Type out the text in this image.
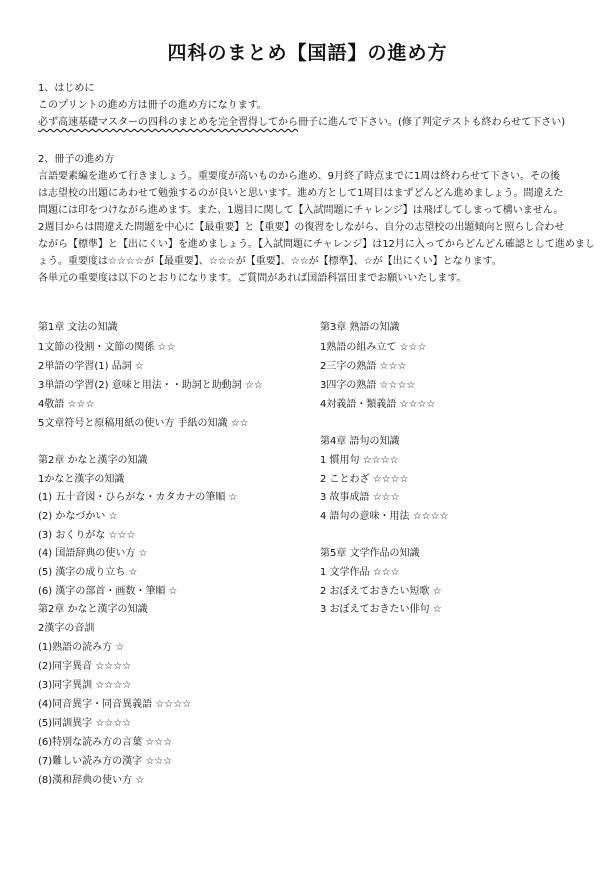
四科のまとめ【国語】の進め方
1、はじめに
このプリントの進め方は冊子の進め方になります。
必ず高速基礎マスターの四科のまとめを完全習得してから冊子に進んで下さい。(修了判定テストも終わらせて下さい)
2、冊子の進め方
言語要素編を進めて行きましょう。重要度が高いものから進め、9月終了時点までに1周は終わらせて下さい。その後
は志望校の出題にあわせて勉強するのが良いと思います。進め方として1周目はまずどんどん進めましょう。間違えた
問題には印をつけながら進めます。また、1週目に関して【入試問題にチャレンジ】は飛ばしてしまって構いません。
2週目からは間違えた問題を中心に【最重要】と【重要】の復習をしながら、自分の志望校の出題傾向と照らし合わせ
ながら【標準】と【出にくい】を進めましょう。【入試問題にチャレンジ】は12月に入ってからどんどん確認として進めまし
ょう。重要度は☆☆☆☆が【最重要】、☆☆☆が【重要】、☆☆が【標準】、☆が【出にくい】となります。
各単元の重要度は以下のとおりになります。ご質問があれば国語科冨田までお願いいたします。
第1章 文法の知識
1文節の役割・文節の関係 ☆☆
2単語の学習(1) 品詞 ☆
3単語の学習(2) 意味と用法・・助詞と助動詞 ☆☆
4敬語 ☆☆☆
5文章符号と原稿用紙の使い方 手紙の知識 ☆☆
第2章 かなと漢字の知識
1かなと漢字の知識
(1) 五十音図・ひらがな・カタカナの筆順 ☆
(2) かなづかい ☆
(3) おくりがな ☆☆☆
(4) 国語辞典の使い方 ☆
(5) 漢字の成り立ち ☆
(6) 漢字の部首・画数・筆順 ☆
第2章 かなと漢字の知識
2漢字の音訓
(1)熟語の読み方 ☆
(2)同字異音 ☆☆☆☆
(3)同字異訓 ☆☆☆☆
(4)同音異字・同音異義語 ☆☆☆☆
(5)同訓異字 ☆☆☆☆
(6)特別な読み方の言葉 ☆☆☆
(7)難しい読み方の漢字 ☆☆☆
(8)漢和辞典の使い方 ☆
第3章 熟語の知識
1熟語の組み立て ☆☆☆
2三字の熟語 ☆☆☆
3四字の熟語 ☆☆☆☆
4対義語・類義語 ☆☆☆☆
第4章 語句の知識
1 慣用句 ☆☆☆☆
2 ことわざ ☆☆☆☆
3 故事成語 ☆☆☆
4 語句の意味・用法 ☆☆☆☆
第5章 文学作品の知識
1 文学作品 ☆☆☆
2 おぼえておきたい短歌 ☆
3 おぼえておきたい俳句 ☆
